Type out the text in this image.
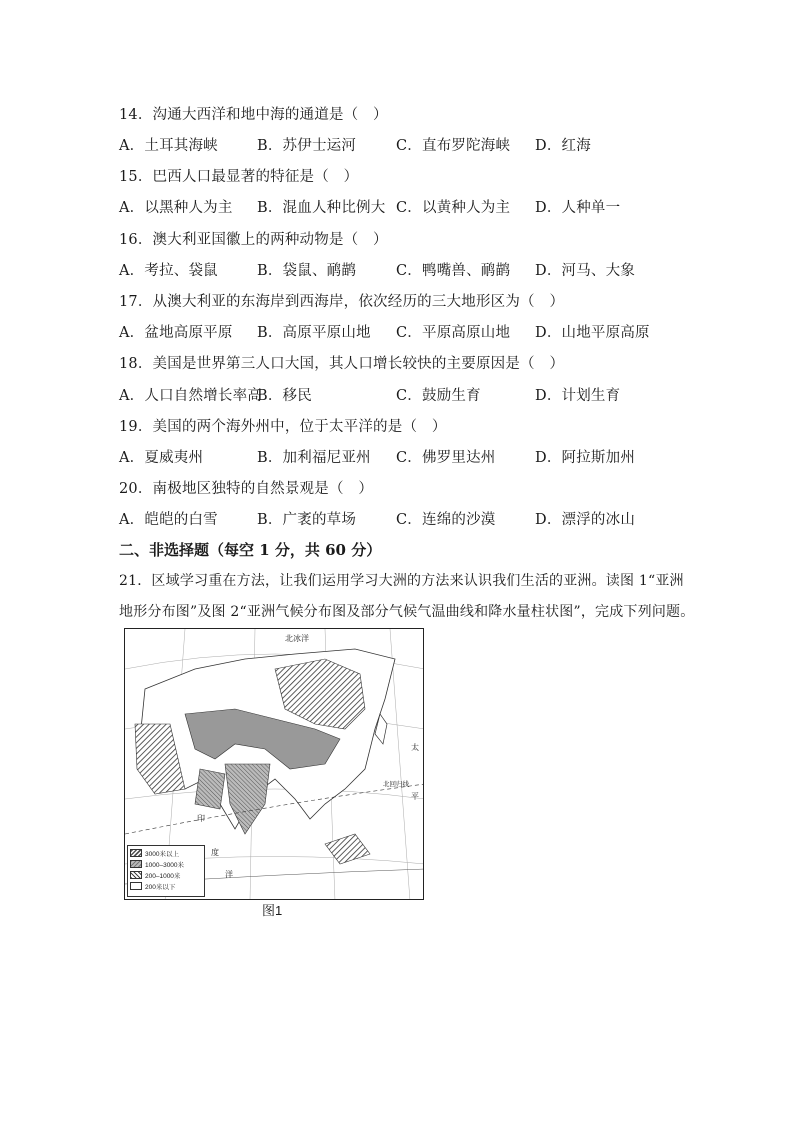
14．沟通大西洋和地中海的通道是（　）
A．土耳其海峡	B．苏伊士运河	C．直布罗陀海峡 D．红海
15．巴西人口最显著的特征是（　）
A．以黑种人为主 B．混血人种比例大 C．以黄种人为主 D．人种单一
16．澳大利亚国徽上的两种动物是（　）
A．考拉、袋鼠	B．袋鼠、鸸鹋	C．鸭嘴兽、鸸鹋 D．河马、大象
17．从澳大利亚的东海岸到西海岸，依次经历的三大地形区为（　）
A．盆地高原平原 B．高原平原山地 C．平原高原山地 D．山地平原高原
18．美国是世界第三人口大国，其人口增长较快的主要原因是（　）
A．人口自然增长率高
B．移民	C．鼓励生育	D．计划生育
19．美国的两个海外州中，位于太平洋的是（　）
A．夏威夷州	B．加利福尼亚州 C．佛罗里达州	D．阿拉斯加州
20．南极地区独特的自然景观是（　）
A．皑皑的白雪	B．广袤的草场	C．连绵的沙漠	D．漂浮的冰山
二、非选择题（每空 1 分，共 60 分）
21．区域学习重在方法，让我们运用学习大洲的方法来认识我们生活的亚洲。读图 1“亚洲
地形分布图”及图 2“亚洲气候分布图及部分气候气温曲线和降水量柱状图”，完成下列问题。
北冰洋
太
平
北回归线
印
度
洋
3000米以上
1000–3000米
200–1000米
200米以下
图1
